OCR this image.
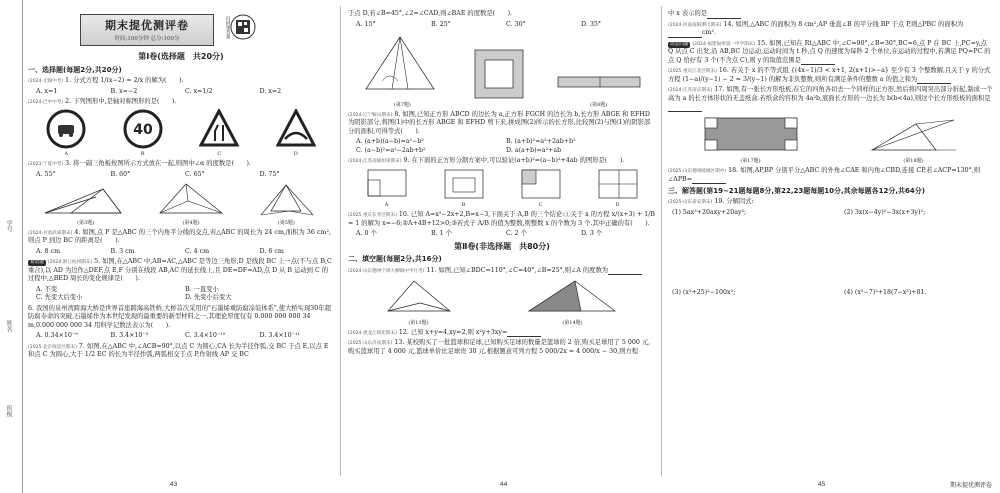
学号
姓名
班级
期末提优测评卷
时间:100分钟 总分:100分
扫码领答案
第Ⅰ卷(选择题　共20分)
一、选择题(每题2分,共20分)
(2024·无锡中考) 1. 分式方程 1/(x−2) = 2/x 的解为(　　).
A. x=1	B. x=−2	C. x=1/2	D. x=2
(2024·巴中中考) 2. 下列图形中,是轴对称图形的是(　　).
A
40
B	C	D
(2023·宁夏中考) 3. 将一副三角板按图所示方式放在一起,则图中∠α 的度数是(　　).
A. 55°	B. 60°	C. 65°	D. 75°
(第3题)	(第4题)	(第5题)
(2024·甘肃武威期末) 4. 如图,点 P 是△ABC 的三个内角平分线的交点,若△ABC 的周长为 24 cm,面积为 36 cm²,则点 P 到边 BC 的距离是(　　).
A. 8 cm	B. 3 cm	C. 4 cm	D. 6 cm
易错题 (2024·浙江杭州期末) 5. 如图,在△ABC 中,AB=AC,△ABC 是等边三角形,D 是线段 BC 上一点(不与点 B,C 重合),以 AD 为边作△DEF,点 E,F 分别在线段 AB,AC 的延长线上,且 DE=DF=AD,点 D 从 B 运动到 C 的过程中,△BED 周长的变化规律是(　　).
A. 不变	B. 一直变小
C. 先变大后变小	D. 先变小后变大
6. 我国的泉州湾跨海大桥是世界首座跨海高铁桥,大桥首次采用的"石墨烯重防腐涂装体系",使大桥实现30年超防腐寿命的突破,石墨烯作为本世纪发现的最重要的新型材料之一,其理论厚度仅有 0.000 000 000 34 m,0.000 000 000 34 用科学记数法表示为(　　).
A. 0.34×10⁻⁹	B. 3.4×10⁻⁹	C. 3.4×10⁻¹⁰	D. 3.4×10⁻¹¹
(2025·北京海淀区期末) 7. 如图,在△ABC 中,∠ACB=90°,以点 C 为圆心,CA 长为半径作弧,交 BC 于点 E,以点 E 和点 C 为圆心,大于 1/2 EC 的长为半径作弧,两弧相交于点 P,作射线 AP 交 BC
43
于点 D,若∠B=45°,∠2=∠CAD,则∠BAE 的度数是(　　).
A. 15°	B. 25°	C. 30°	D. 35°
(第7题)	(第8题)
(2024·辽宁鞍山期末) 8. 如图,已知正方形 ABCD 的边长为 a,正方形 FGCH 的边长为 b,长方形 ABGE 和 EFHD 为阴影部分,将图(1)中的长方形 ABGE 和 EFHD 剪下来,拼成图(2)所示的长方形,比较图(2)与图(1)的阴影部分的面积,可得等式(　　).
A. (a+b)(a−b)=a²−b²	B. (a+b)²=a²+2ab+b²
C. (a−b)²=a²−2ab+b²	D. a(a+b)=a²+ab
(2024·江苏南通如皋期末) 9. 在下面的正方形分割方案中,可以验证(a+b)²=(a−b)²+4ab 的图形是(　　).
A	B	C	D
(2025·重庆长寿区期末) 10. 已知 A=x²−2x+2,B=x−3,下面关于 A,B 的三个结论:①关于 x 的方程 x/(x+3) + 1/B = 1 的解为 x=−6;②A+4B+12>0;③若式子 A/B 的值为整数,则整数 x 的个数为 3 个.其中正确的有(　　).
A. 0 个	B. 1 个	C. 2 个	D. 3 个
第Ⅱ卷(非选择题　共80分)
二、填空题(每题2分,共16分)
(2024·山东德州宁津大柳镇中学月考) 11. 如图,已知∠BDC=110°,∠C=40°,∠B=25°,则∠A 的度数为
(第11题)	(第14题)
(2024·黑龙江绥化期末) 12. 已知 x+y=4,xy=2,则 x²y+3xy=
(2025·山东济南期末) 13. 某校购买了一批篮球和足球,已知购买足球的数量是篮球的 2 倍,购买足球用了 5 000 元,购买篮球用了 4 000 元,篮球单价比足球贵 30 元.根据题意可列方程 5 000/2x = 4 000/x − 30,则方程
44
中 x 表示的是
(2024·河南南阳淅川期末) 14. 如图,△ABC 的面积为 8 cm²,AP 垂直∠B 的平分线 BP 于点 P,则△PBC 的面积为cm².
动态问题 (2024·福建福州第一中学期末) 15. 如图,已知在 Rt△ABC 中,∠C=90°,∠B=30°,BC=6,点 P 在 BC 上,PC=y,点 Q 从点 C 出发,沿 AB,BC 边运动,运动时间为 t 秒,点 Q 的速度为每秒 2 个单位,在运动的过程中,若满足 PQ=PC 的点 Q 恰好有 3 个(不含点 C),则 y 的取值范围是
(2025·重庆江北区期末) 16. 若关于 x 的不等式组 {(4x−1)/3 < x+1, 2(x+1)>−a} 至少有 3 个整数解,且关于 y 的分式方程 (1−a)/(y−1) − 2 = 3/(y−1) 的解为非负整数,则所有满足条件的整数 a 的值之和为
(2024·江苏南京期末) 17. 如图,有一张长方形纸板,在它的四角各切去一个同样的正方形,然后将四周突出部分折起,制成一个高为 a 的长方体形状的无盖纸盒.若纸盒的容积为 4a²b,底面长方形的一边长为 b(b<4a),则这个长方形纸板的面积是
(第17题)	(第18题)
(2025·山东德州陵城区期中) 18. 如图,AP,BP 分别平分△ABC 的外角∠CAE 和内角∠CBD,连接 CP,若∠ACP=130°,则∠APB=
三、解答题(第19~21题每题8分,第22,23题每题10分,其余每题各12分,共64分)
(2025·山东泰安期末) 19. 分解因式:
(1) 5ax²+20axy+20ay²;	(2) 3x(x−4y)²−3x(x+3y)²;
(3) (x²+25)²−100x²;	(4) (x²−7)²+18(7−x²)+81.
45	期末提优测评卷
